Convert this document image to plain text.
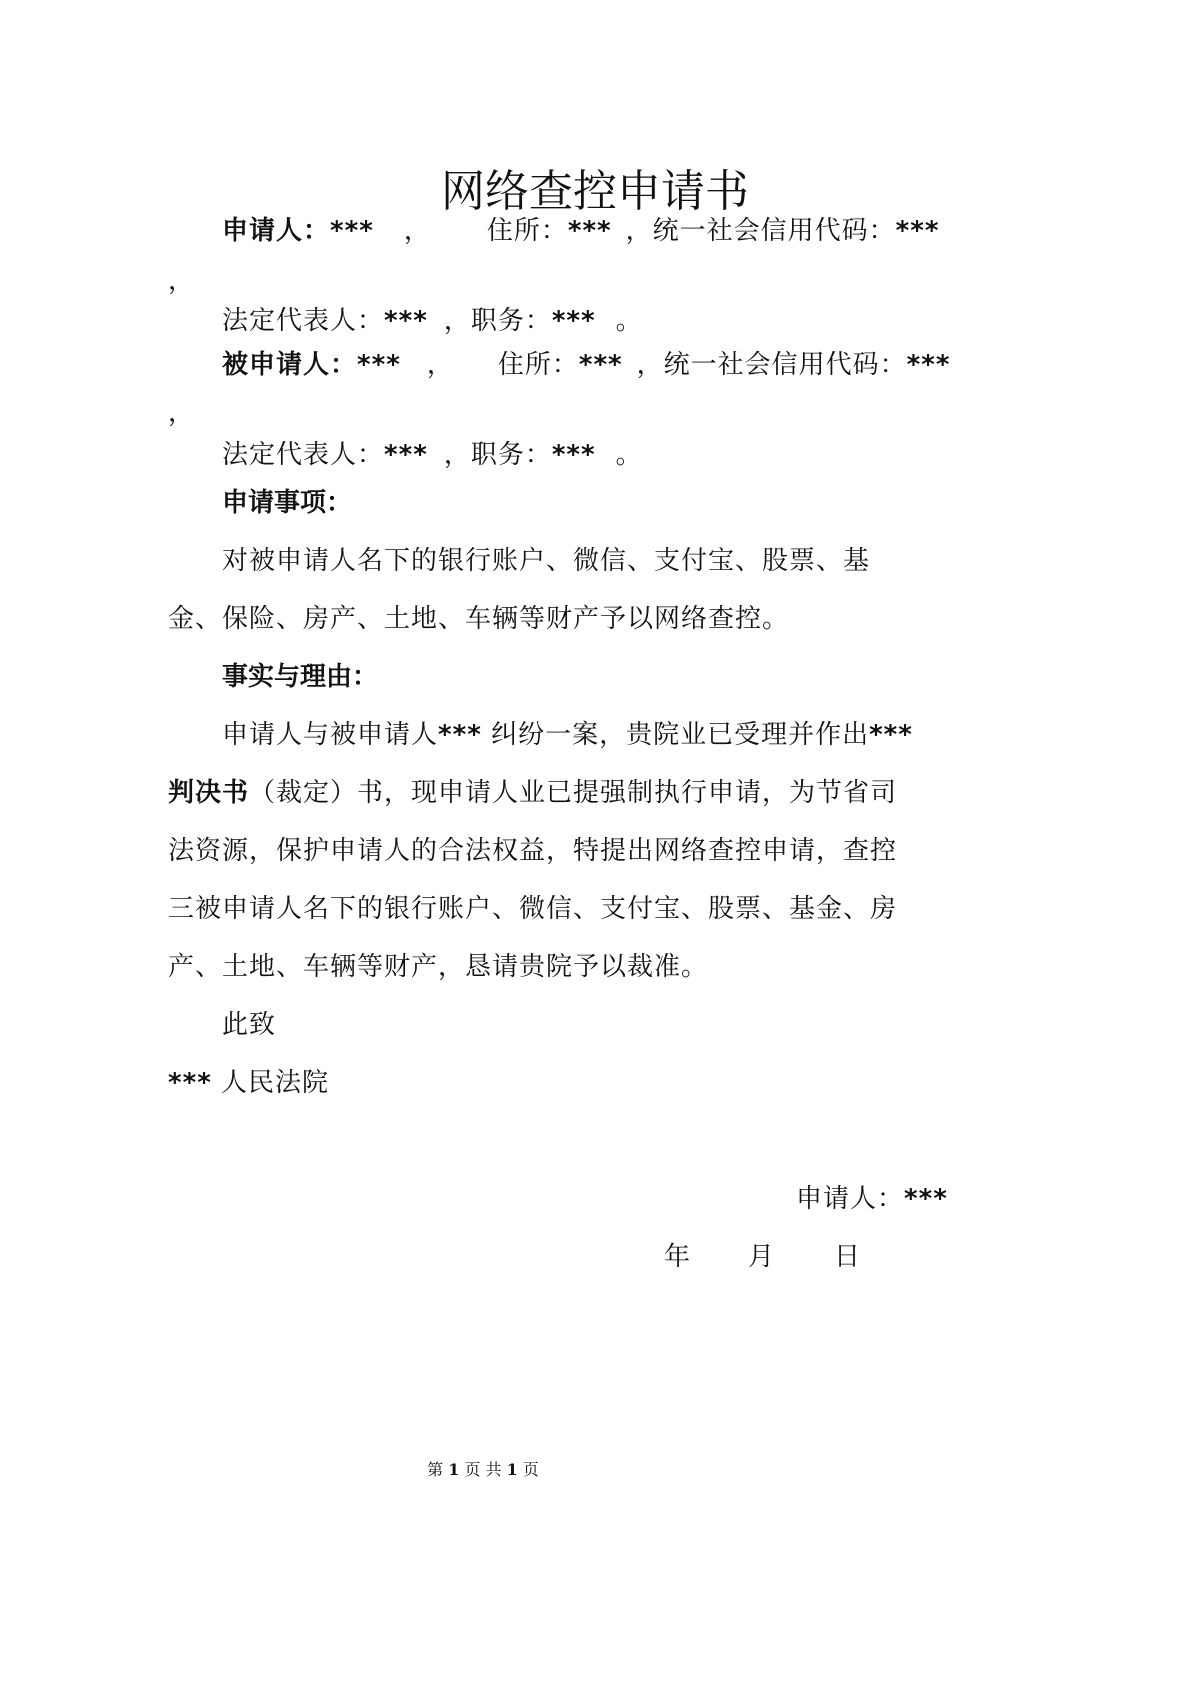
网络查控申请书
申请人：*** ， 住所：*** ，统一社会信用代码：***
，
法定代表人：*** ，职务：*** 。
被申请人：*** ， 住所：*** ，统一社会信用代码：***
，
法定代表人：*** ，职务：*** 。
申请事项：
对被申请人名下的银行账户、微信、支付宝、股票、基
金、保险、房产、土地、车辆等财产予以网络查控。
事实与理由：
申请人与被申请人*** 纠纷一案，贵院业已受理并作出***
判决书（裁定）书，现申请人业已提强制执行申请，为节省司
法资源，保护申请人的合法权益，特提出网络查控申请，查控
三被申请人名下的银行账户、微信、支付宝、股票、基金、房
产、土地、车辆等财产，恳请贵院予以裁准。
此致
*** 人民法院
申请人：***
年 月 日
第 1 页 共 1 页
